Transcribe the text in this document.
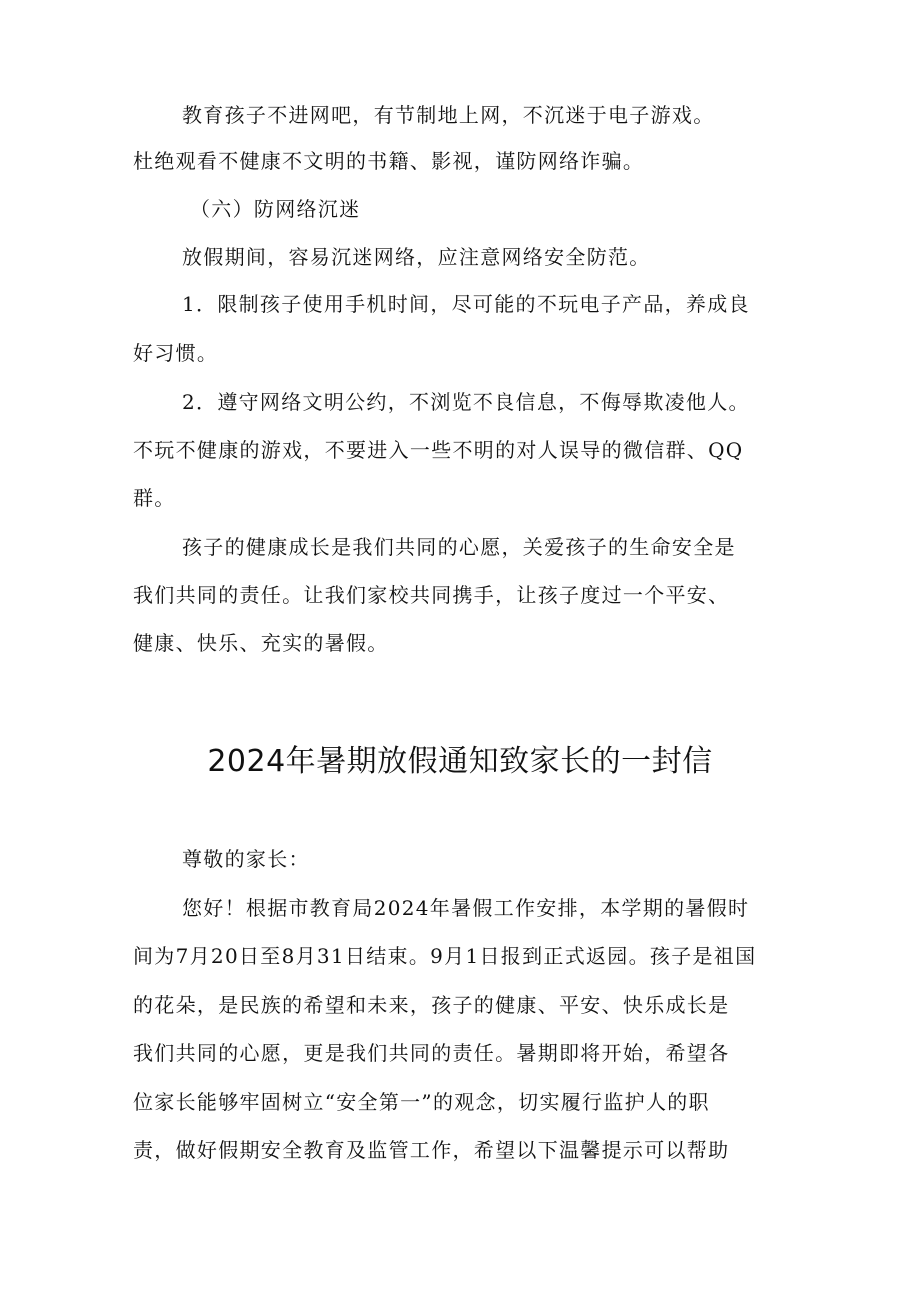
教育孩子不进网吧，有节制地上网，不沉迷于电子游戏。
杜绝观看不健康不文明的书籍、影视，谨防网络诈骗。
（六）防网络沉迷
放假期间，容易沉迷网络，应注意网络安全防范。
1．限制孩子使用手机时间，尽可能的不玩电子产品，养成良
好习惯。
2．遵守网络文明公约，不浏览不良信息，不侮辱欺凌他人。
不玩不健康的游戏，不要进入一些不明的对人误导的微信群、QQ
群。
孩子的健康成长是我们共同的心愿，关爱孩子的生命安全是
我们共同的责任。让我们家校共同携手，让孩子度过一个平安、
健康、快乐、充实的暑假。
2024年暑期放假通知致家长的一封信
尊敬的家长：
您好！根据市教育局2024年暑假工作安排，本学期的暑假时
间为7月20日至8月31日结束。9月1日报到正式返园。孩子是祖国
的花朵，是民族的希望和未来，孩子的健康、平安、快乐成长是
我们共同的心愿，更是我们共同的责任。暑期即将开始，希望各
位家长能够牢固树立“安全第一”的观念，切实履行监护人的职
责，做好假期安全教育及监管工作，希望以下温馨提示可以帮助
